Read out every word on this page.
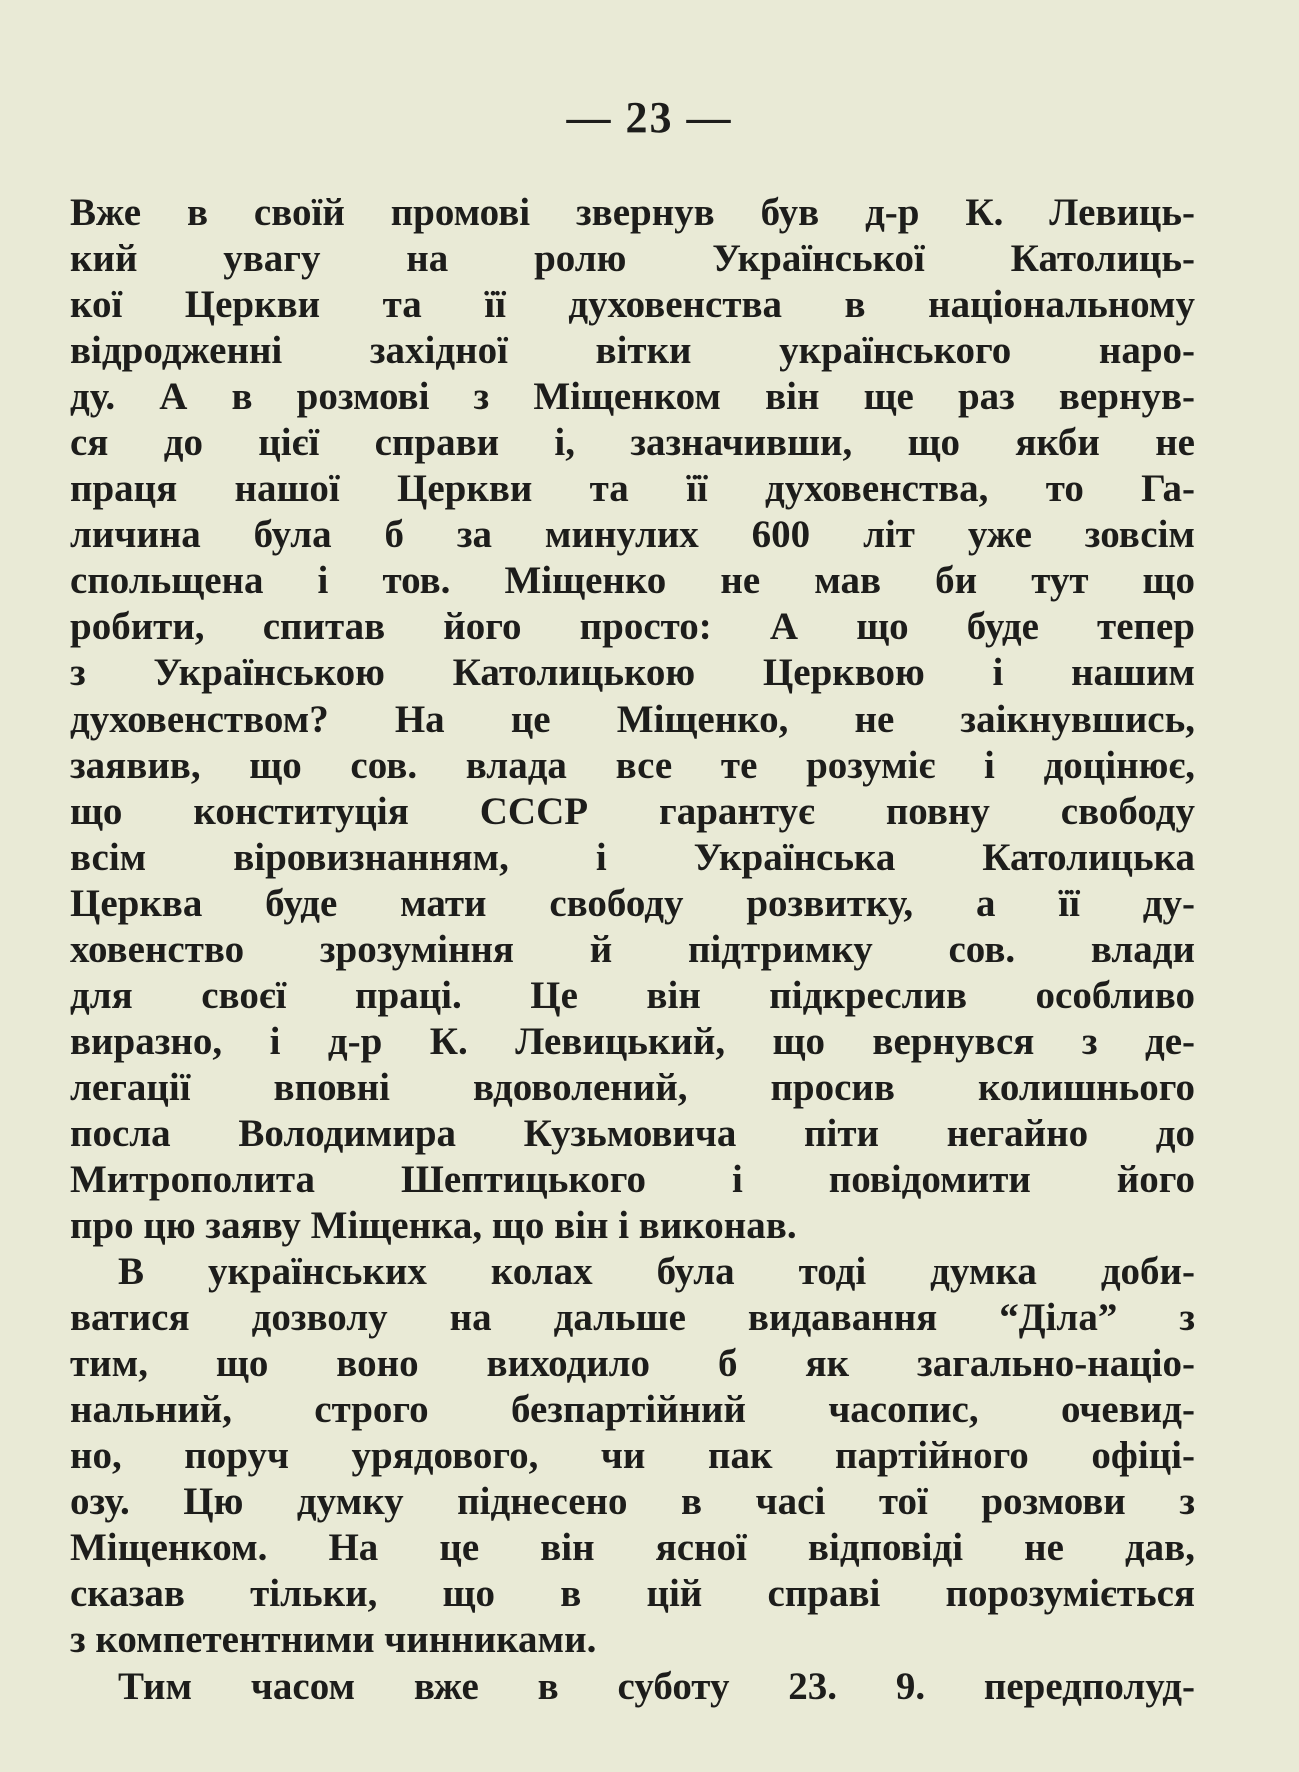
— 23 —
Вже в своїй промові звернув був д-р К. Левиць-
кий увагу на ролю Української Католиць-
кої Церкви та її духовенства в національному
відродженні західної вітки українського наро-
ду. А в розмові з Міщенком він ще раз вернув-
ся до цієї справи і, зазначивши, що якби не
праця нашої Церкви та її духовенства, то Га-
личина була б за минулих 600 літ уже зовсім
спольщена і тов. Міщенко не мав би тут що
робити, спитав його просто: А що буде тепер
з Українською Католицькою Церквою і нашим
духовенством? На це Міщенко, не заікнувшись,
заявив, що сов. влада все те розуміє і доцінює,
що конституція СССР гарантує повну свободу
всім віровизнанням, і Українська Католицька
Церква буде мати свободу розвитку, а її ду-
ховенство зрозуміння й підтримку сов. влади
для своєї праці. Це він підкреслив особливо
виразно, і д-р К. Левицький, що вернувся з де-
легації вповні вдоволений, просив колишнього
посла Володимира Кузьмовича піти негайно до
Митрополита Шептицького і повідомити його
про цю заяву Міщенка, що він і виконав.
В українських колах була тоді думка доби-
ватися дозволу на дальше видавання “Діла” з
тим, що воно виходило б як загально-націо-
нальний, строго безпартійний часопис, очевид-
но, поруч урядового, чи пак партійного офіці-
озу. Цю думку піднесено в часі тої розмови з
Міщенком. На це він ясної відповіді не дав,
сказав тільки, що в цій справі порозуміється
з компетентними чинниками.
Тим часом вже в суботу 23. 9. передполуд-
